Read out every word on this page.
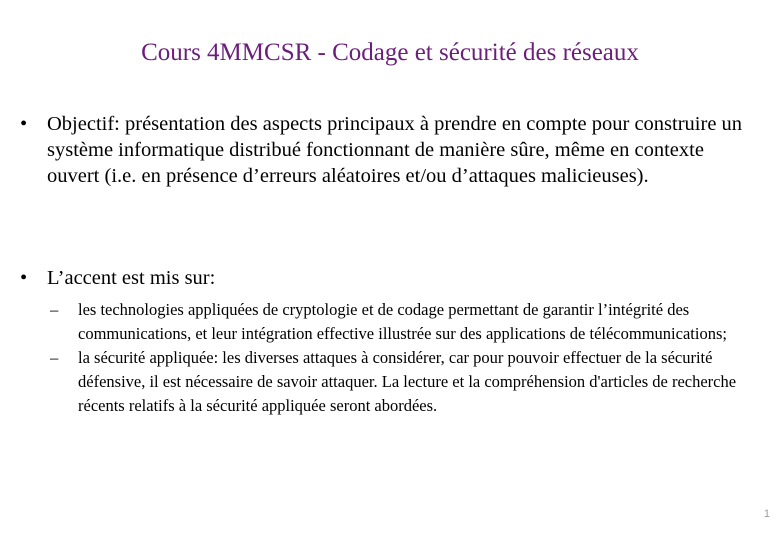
Cours 4MMCSR - Codage et sécurité des réseaux
• Objectif: présentation des aspects principaux à prendre en compte pour construire un système informatique distribué fonctionnant de manière sûre, même en contexte ouvert (i.e. en présence d’erreurs aléatoires et/ou d’attaques malicieuses).
• L’accent est mis sur:
– les technologies appliquées de cryptologie et de codage permettant de garantir l’intégrité des communications, et leur intégration effective illustrée sur des applications de télécommunications;
– la sécurité appliquée: les diverses attaques à considérer, car pour pouvoir effectuer de la sécurité défensive, il est nécessaire de savoir attaquer. La lecture et la compréhension d'articles de recherche récents relatifs à la sécurité appliquée seront abordées.
1
